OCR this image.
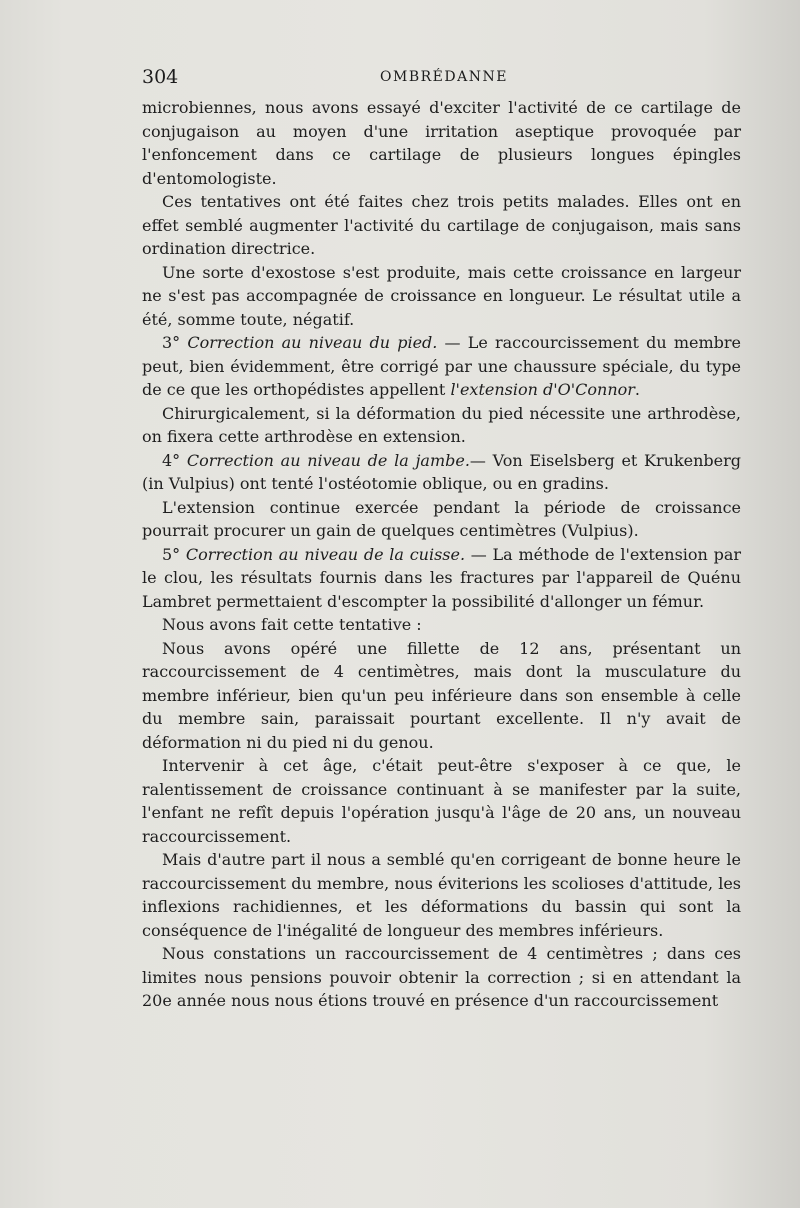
304	OMBRÉDANNE

microbiennes, nous avons essayé d'exciter l'activité de ce cartilage de conjugaison au moyen d'une irritation aseptique provoquée par l'enfoncement dans ce cartilage de plusieurs longues épingles d'entomologiste.

Ces tentatives ont été faites chez trois petits malades. Elles ont en effet semblé augmenter l'activité du cartilage de conjugaison, mais sans ordination directrice.

Une sorte d'exostose s'est produite, mais cette croissance en largeur ne s'est pas accompagnée de croissance en longueur. Le résultat utile a été, somme toute, négatif.

3° Correction au niveau du pied. — Le raccourcissement du membre peut, bien évidemment, être corrigé par une chaussure spéciale, du type de ce que les orthopédistes appellent l'extension d'O'Connor.

Chirurgicalement, si la déformation du pied nécessite une arthrodèse, on fixera cette arthrodèse en extension.

4° Correction au niveau de la jambe.— Von Eiselsberg et Krukenberg (in Vulpius) ont tenté l'ostéotomie oblique, ou en gradins.

L'extension continue exercée pendant la période de croissance pourrait procurer un gain de quelques centimètres (Vulpius).

5° Correction au niveau de la cuisse. — La méthode de l'extension par le clou, les résultats fournis dans les fractures par l'appareil de Quénu Lambret permettaient d'escompter la possibilité d'allonger un fémur.

Nous avons fait cette tentative :

Nous avons opéré une fillette de 12 ans, présentant un raccourcissement de 4 centimètres, mais dont la musculature du membre inférieur, bien qu'un peu inférieure dans son ensemble à celle du membre sain, paraissait pourtant excellente. Il n'y avait de déformation ni du pied ni du genou.

Intervenir à cet âge, c'était peut-être s'exposer à ce que, le ralentissement de croissance continuant à se manifester par la suite, l'enfant ne refît depuis l'opération jusqu'à l'âge de 20 ans, un nouveau raccourcissement.

Mais d'autre part il nous a semblé qu'en corrigeant de bonne heure le raccourcissement du membre, nous éviterions les scolioses d'attitude, les inflexions rachidiennes, et les déformations du bassin qui sont la conséquence de l'inégalité de longueur des membres inférieurs.

Nous constations un raccourcissement de 4 centimètres ; dans ces limites nous pensions pouvoir obtenir la correction ; si en attendant la 20e année nous nous étions trouvé en présence d'un raccourcissement
